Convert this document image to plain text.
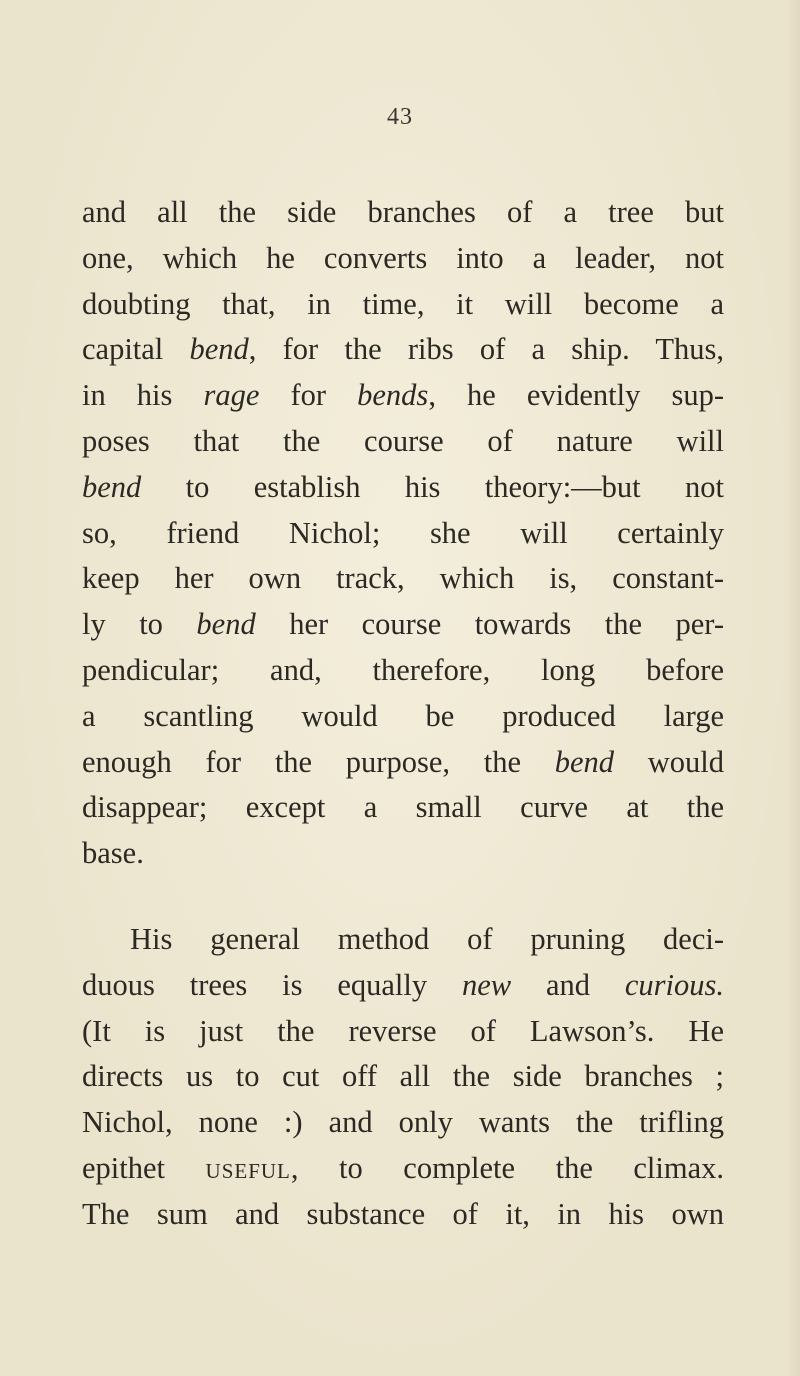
43
and all the side branches of a tree but
one, which he converts into a leader, not
doubting that, in time, it will become a
capital bend, for the ribs of a ship. Thus,
in his rage for bends, he evidently sup-
poses that the course of nature will
bend to establish his theory:—but not
so, friend Nichol; she will certainly
keep her own track, which is, constant-
ly to bend her course towards the per-
pendicular; and, therefore, long before
a scantling would be produced large
enough for the purpose, the bend would
disappear; except a small curve at the
base.
His general method of pruning deci-
duous trees is equally new and curious.
(It is just the reverse of Lawson’s. He
directs us to cut off all the side branches ;
Nichol, none :) and only wants the trifling
epithet useful, to complete the climax.
The sum and substance of it, in his own
